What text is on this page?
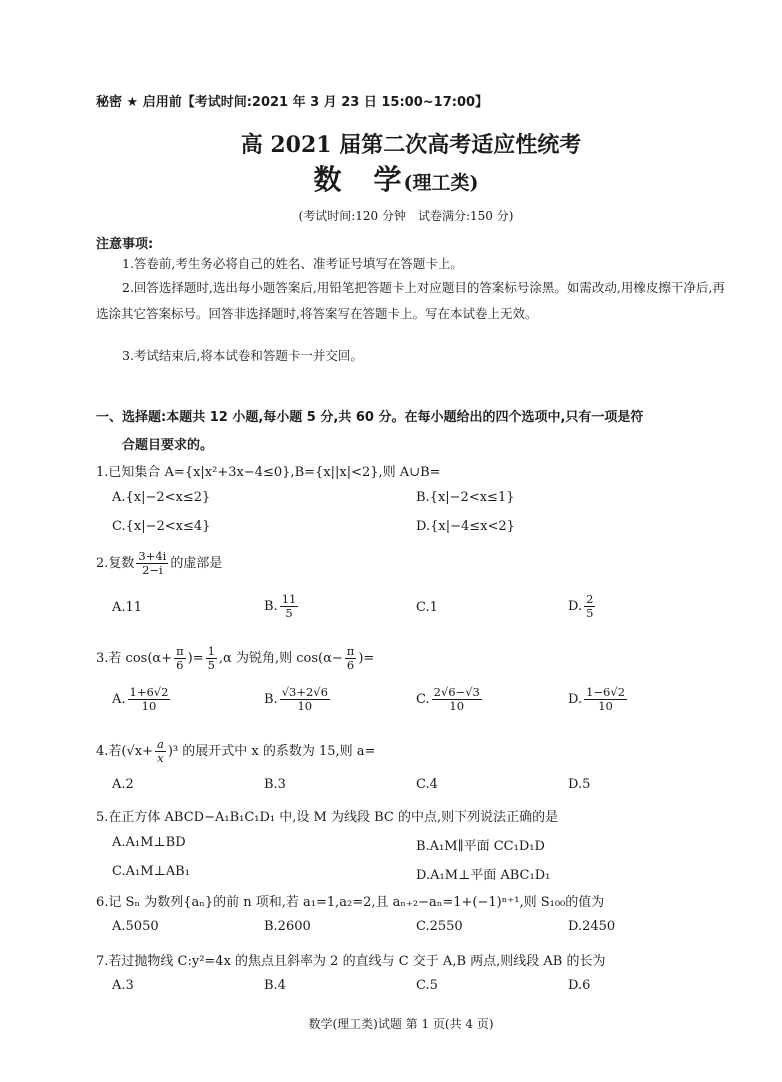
秘密 ★ 启用前【考试时间:2021 年 3 月 23 日 15:00~17:00】
高 2021 届第二次高考适应性统考
数　学(理工类)
(考试时间:120 分钟　试卷满分:150 分)
注意事项:
1.答卷前,考生务必将自己的姓名、准考证号填写在答题卡上。
2.回答选择题时,选出每小题答案后,用铅笔把答题卡上对应题目的答案标号涂黑。如需改动,用橡皮擦干净后,再选涂其它答案标号。回答非选择题时,将答案写在答题卡上。写在本试卷上无效。
3.考试结束后,将本试卷和答题卡一并交回。
一、选择题:本题共 12 小题,每小题 5 分,共 60 分。在每小题给出的四个选项中,只有一项是符
合题目要求的。
1.已知集合 A={x|x²+3x−4≤0},B={x||x|<2},则 A∪B=
A.{x|−2<x≤2}	B.{x|−2<x≤1}
C.{x|−2<x≤4}	D.{x|−4≤x<2}
2.复数 $\frac{3+4i}{2-i}$ 的虚部是
A.11	B. $\frac{11}{5}$	C.1	D. $\frac{2}{5}$
3.若 $\cos(\alpha+ \frac{\pi}{6}$ )= $\frac{1}{5} ,\alpha$ 为锐角,则 $\cos(\alpha- \frac{\pi}{6}$ )=
A. $\frac{1+6√2}{10}$	B. $\frac{√3+2√6}{10}$	C. $\frac{2√6-√3}{10}$	D. $\frac{1-6√2}{10}$
4.若$(√x+ \frac{a}{x} )^3$ 的展开式中 x 的系数为 15,则 a=
A.2	B.3	C.4	D.5
5.在正方体 ABCD−A₁B₁C₁D₁ 中,设 M 为线段 BC 的中点,则下列说法正确的是
A.A₁M⊥BD	B.A₁M∥平面 CC₁D₁D
C.A₁M⊥AB₁	D.A₁M⊥平面 ABC₁D₁
6.记 Sₙ 为数列{aₙ}的前 n 项和,若 a₁=1,a₂=2,且 aₙ₊₂−aₙ=1+(−1)ⁿ⁺¹,则 S₁₀₀的值为
A.5050	B.2600	C.2550	D.2450
7.若过抛物线 C:y²=4x 的焦点且斜率为 2 的直线与 C 交于 A,B 两点,则线段 AB 的长为
A.3	B.4	C.5	D.6
数学(理工类)试题 第 1 页(共 4 页)
